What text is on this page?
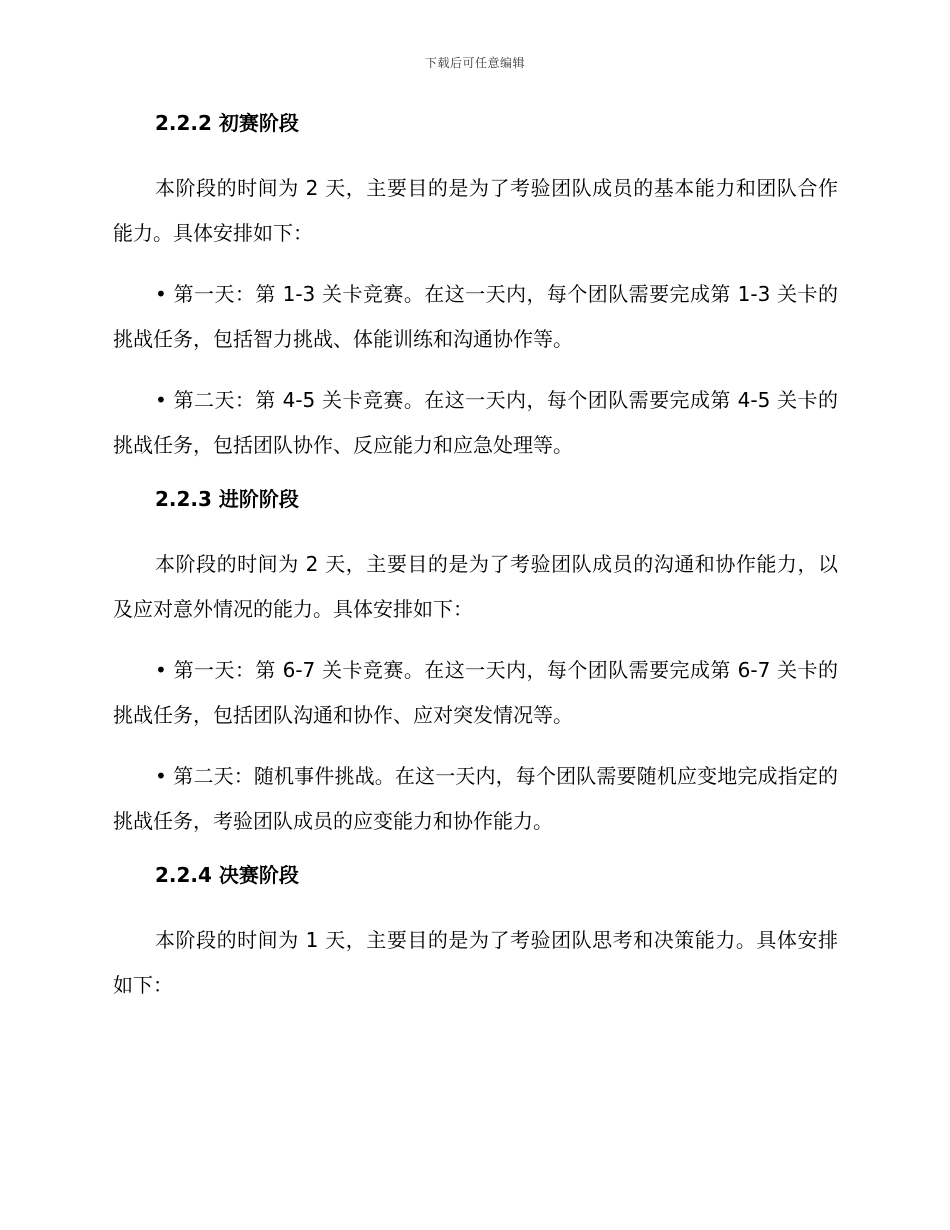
下载后可任意编辑
2.2.2 初赛阶段

本阶段的时间为 2 天，主要目的是为了考验团队成员的基本能力和团队合作能力。具体安排如下：

• 第一天：第 1-3 关卡竞赛。在这一天内，每个团队需要完成第 1-3 关卡的挑战任务，包括智力挑战、体能训练和沟通协作等。

• 第二天：第 4-5 关卡竞赛。在这一天内，每个团队需要完成第 4-5 关卡的挑战任务，包括团队协作、反应能力和应急处理等。

2.2.3 进阶阶段

本阶段的时间为 2 天，主要目的是为了考验团队成员的沟通和协作能力，以及应对意外情况的能力。具体安排如下：

• 第一天：第 6-7 关卡竞赛。在这一天内，每个团队需要完成第 6-7 关卡的挑战任务，包括团队沟通和协作、应对突发情况等。

• 第二天：随机事件挑战。在这一天内，每个团队需要随机应变地完成指定的挑战任务，考验团队成员的应变能力和协作能力。

2.2.4 决赛阶段

本阶段的时间为 1 天，主要目的是为了考验团队思考和决策能力。具体安排如下：
